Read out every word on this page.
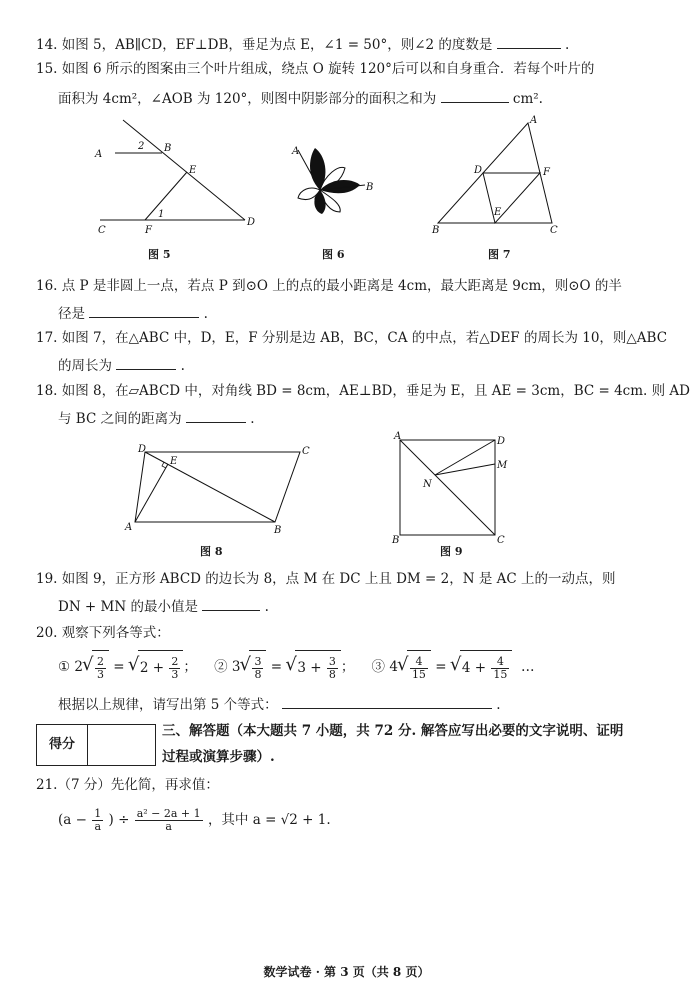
14. 如图 5，AB∥CD，EF⊥DB，垂足为点 E，∠1 = 50°，则∠2 的度数是	.
15. 如图 6 所示的图案由三个叶片组成，绕点 O 旋转 120°后可以和自身重合．若每个叶片的
面积为 4cm²，∠AOB 为 120°，则图中阴影部分的面积之和为	cm².
A
B
E
C	F
D
1
2
图 5
A
O
B
图 6
A
D	F
B
E
C
图 7
16. 点 P 是非圆上一点，若点 P 到⊙O 上的点的最小距离是 4cm，最大距离是 9cm，则⊙O 的半
径是	.
17. 如图 7，在△ABC 中，D，E，F 分别是边 AB，BC，CA 的中点，若△DEF 的周长为 10，则△ABC
的周长为	.
18. 如图 8，在▱ABCD 中，对角线 BD = 8cm，AE⊥BD，垂足为 E，且 AE = 3cm，BC = 4cm. 则 AD
与 BC 之间的距离为	.
D
E
C
A	B
图 8
A	D
M
N
B	C
图 9
19. 如图 9，正方形 ABCD 的边长为 8，点 M 在 DC 上且 DM = 2，N 是 AC 上的一动点，则
DN + MN 的最小值是	.
20. 观察下列各等式：
① 2 √ $\frac{2}{3}$ = √ $2 + \frac{2}{3}$ ； ② 3 √ $\frac{3}{8}$ = √ $3 + \frac{3}{8}$ ； ③ 4 √ $\frac{4}{15}$ = √ $4 + \frac{4}{15}$ …
根据以上规律，请写出第 5 个等式：	.
得分
三、解答题（本大题共 7 小题，共 72 分. 解答应写出必要的文字说明、证明
过程或演算步骤）.
21.（7 分）先化简，再求值：
($a - \frac{1}{a}$ ) ÷ $\frac{\text{a² − 2a + 1}}{a}$ ，其中 a = √2 + 1.
数学试卷 · 第 3 页（共 8 页）
